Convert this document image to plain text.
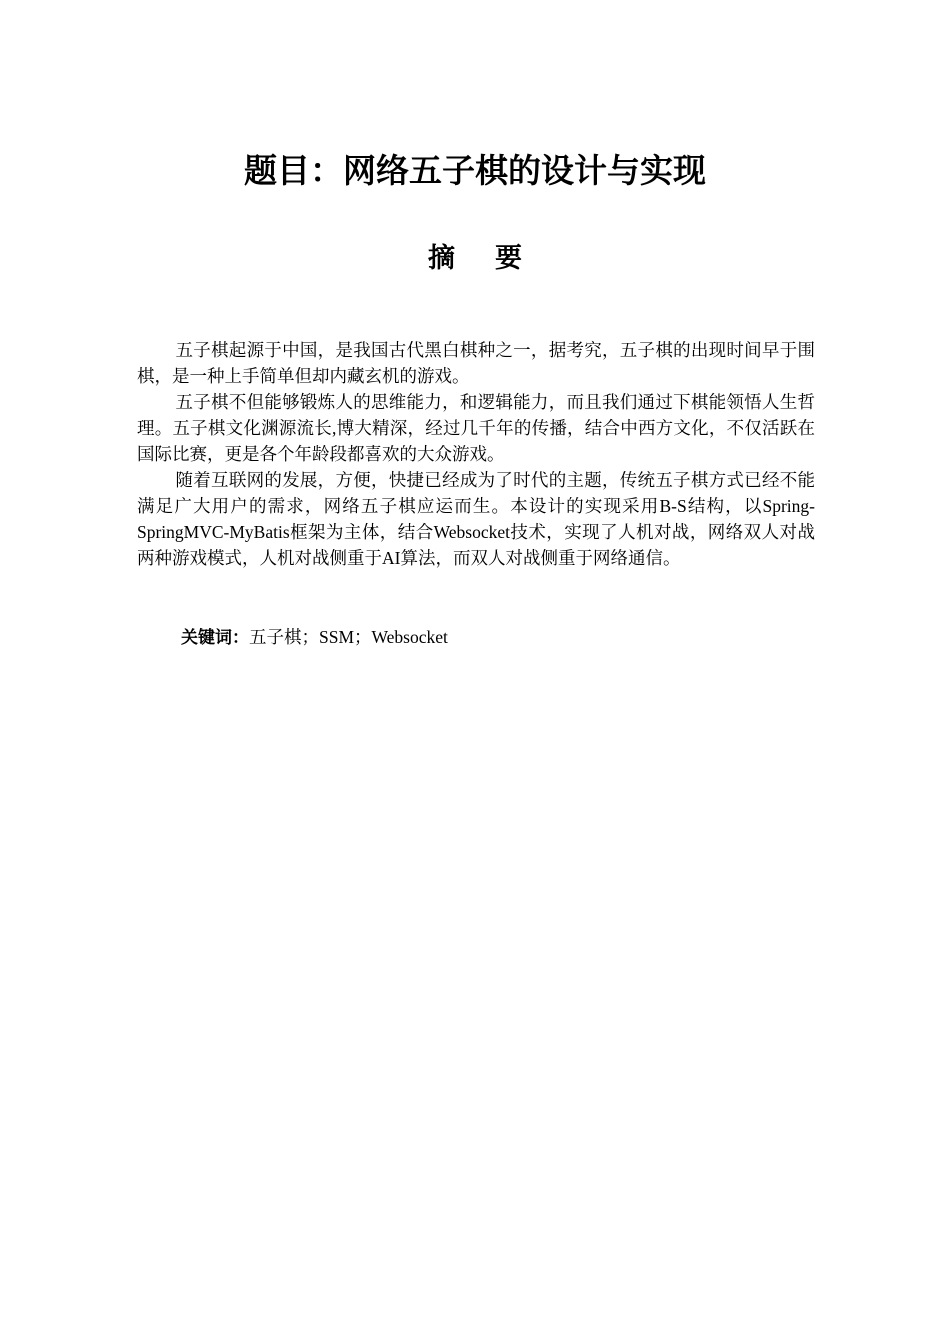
题目：网络五子棋的设计与实现
摘 要

五子棋起源于中国，是我国古代黑白棋种之一，据考究，五子棋的出现时间早于围棋，是一种上手简单但却内藏玄机的游戏。

五子棋不但能够锻炼人的思维能力，和逻辑能力，而且我们通过下棋能领悟人生哲理。五子棋文化渊源流长,博大精深，经过几千年的传播，结合中西方文化，不仅活跃在国际比赛，更是各个年龄段都喜欢的大众游戏。

随着互联网的发展，方便，快捷已经成为了时代的主题，传统五子棋方式已经不能满足广大用户的需求，网络五子棋应运而生。本设计的实现采用B-S结构，以Spring-SpringMVC-MyBatis框架为主体，结合Websocket技术，实现了人机对战，网络双人对战两种游戏模式，人机对战侧重于AI算法，而双人对战侧重于网络通信。

关键词：五子棋；SSM；Websocket
